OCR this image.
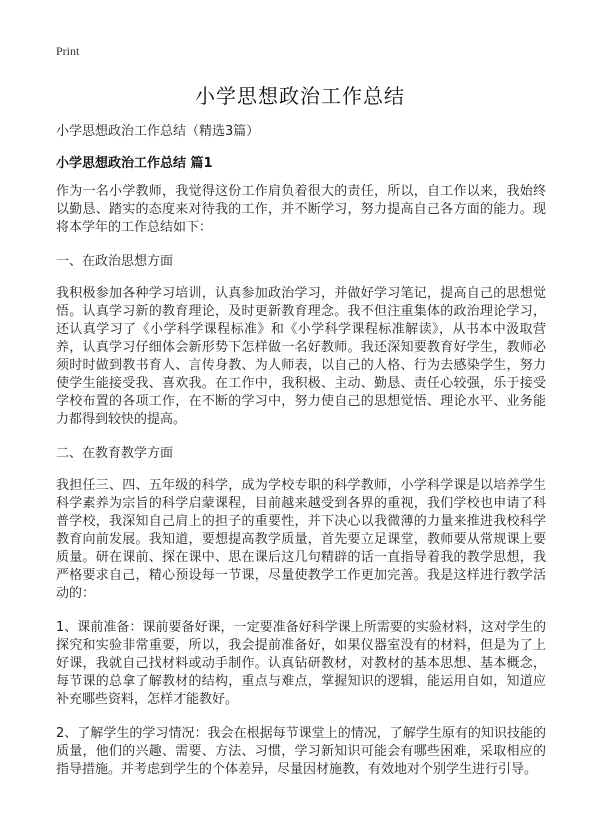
Print
小学思想政治工作总结
小学思想政治工作总结（精选3篇）
小学思想政治工作总结 篇1

作为一名小学教师，我觉得这份工作肩负着很大的责任，所以，自工作以来，我始终以勤恳、踏实的态度来对待我的工作，并不断学习，努力提高自己各方面的能力。现将本学年的工作总结如下：

一、在政治思想方面

我积极参加各种学习培训，认真参加政治学习，并做好学习笔记，提高自己的思想觉悟。认真学习新的教育理论，及时更新教育理念。我不但注重集体的政治理论学习，还认真学习了《小学科学课程标准》和《小学科学课程标准解读》，从书本中汲取营养，认真学习仔细体会新形势下怎样做一名好教师。我还深知要教育好学生，教师必须时时做到教书育人、言传身教、为人师表，以自己的人格、行为去感染学生，努力使学生能接受我、喜欢我。在工作中，我积极、主动、勤恳、责任心较强，乐于接受学校布置的各项工作，在不断的学习中，努力使自己的思想觉悟、理论水平、业务能力都得到较快的提高。

二、在教育教学方面

我担任三、四、五年级的科学，成为学校专职的科学教师，小学科学课是以培养学生科学素养为宗旨的科学启蒙课程，目前越来越受到各界的重视，我们学校也申请了科普学校，我深知自己肩上的担子的重要性，并下决心以我微薄的力量来推进我校科学教育向前发展。我知道，要想提高教学质量，首先要立足课堂，教师要从常规课上要质量。研在课前、探在课中、思在课后这几句精辟的话一直指导着我的教学思想，我严格要求自己，精心预设每一节课，尽量使教学工作更加完善。我是这样进行教学活动的：

1、课前准备：课前要备好课，一定要准备好科学课上所需要的实验材料，这对学生的探究和实验非常重要，所以，我会提前准备好，如果仪器室没有的材料，但是为了上好课，我就自己找材料或动手制作。认真钻研教材，对教材的基本思想、基本概念，每节课的总拿了解教材的结构，重点与难点，掌握知识的逻辑，能运用自如，知道应补充哪些资料，怎样才能教好。

2、了解学生的学习情况：我会在根据每节课堂上的情况，了解学生原有的知识技能的质量，他们的兴趣、需要、方法、习惯，学习新知识可能会有哪些困难，采取相应的指导措施。并考虑到学生的个体差异，尽量因材施教，有效地对个别学生进行引导。
